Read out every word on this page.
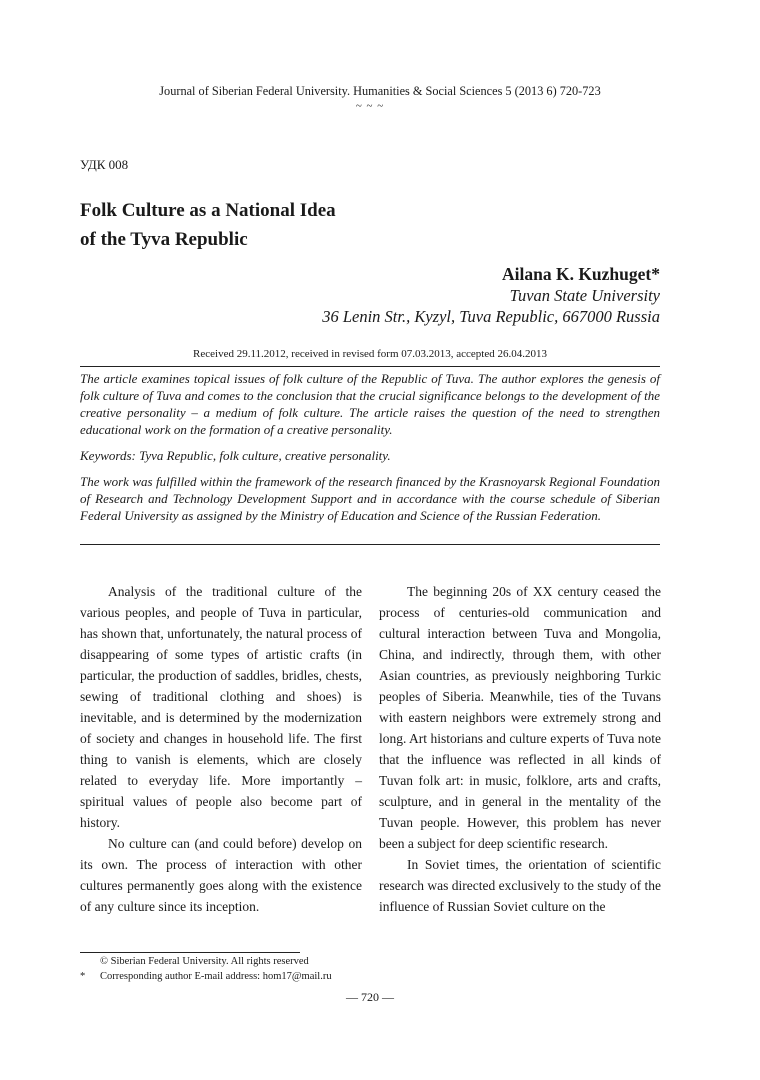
Journal of Siberian Federal University. Humanities & Social Sciences 5 (2013 6) 720-723
~ ~ ~
УДК 008
Folk Culture as a National Idea
of the Tyva Republic
Ailana K. Kuzhuget*
Tuvan State University
36 Lenin Str., Kyzyl, Tuva Republic, 667000 Russia
Received 29.11.2012, received in revised form 07.03.2013, accepted 26.04.2013

The article examines topical issues of folk culture of the Republic of Tuva. The author explores the genesis of folk culture of Tuva and comes to the conclusion that the crucial significance belongs to the development of the creative personality – a medium of folk culture. The article raises the question of the need to strengthen educational work on the formation of a creative personality.

Keywords: Tyva Republic, folk culture, creative personality.

The work was fulfilled within the framework of the research financed by the Krasnoyarsk Regional Foundation of Research and Technology Development Support and in accordance with the course schedule of Siberian Federal University as assigned by the Ministry of Education and Science of the Russian Federation.

Analysis of the traditional culture of the various peoples, and people of Tuva in particular, has shown that, unfortunately, the natural process of disappearing of some types of artistic crafts (in particular, the production of saddles, bridles, chests, sewing of traditional clothing and shoes) is inevitable, and is determined by the modernization of society and changes in household life. The first thing to vanish is elements, which are closely related to everyday life. More importantly – spiritual values of people also become part of history.

No culture can (and could before) develop on its own. The process of interaction with other cultures permanently goes along with the existence of any culture since its inception.

The beginning 20s of XX century ceased the process of centuries-old communication and cultural interaction between Tuva and Mongolia, China, and indirectly, through them, with other Asian countries, as previously neighboring Turkic peoples of Siberia. Meanwhile, ties of the Tuvans with eastern neighbors were extremely strong and long. Art historians and culture experts of Tuva note that the influence was reflected in all kinds of Tuvan folk art: in music, folklore, arts and crafts, sculpture, and in general in the mentality of the Tuvan people. However, this problem has never been a subject for deep scientific research.

In Soviet times, the orientation of scientific research was directed exclusively to the study of the influence of Russian Soviet culture on the

© Siberian Federal University. All rights reserved
*	Corresponding author E-mail address: hom17@mail.ru
— 720 —
